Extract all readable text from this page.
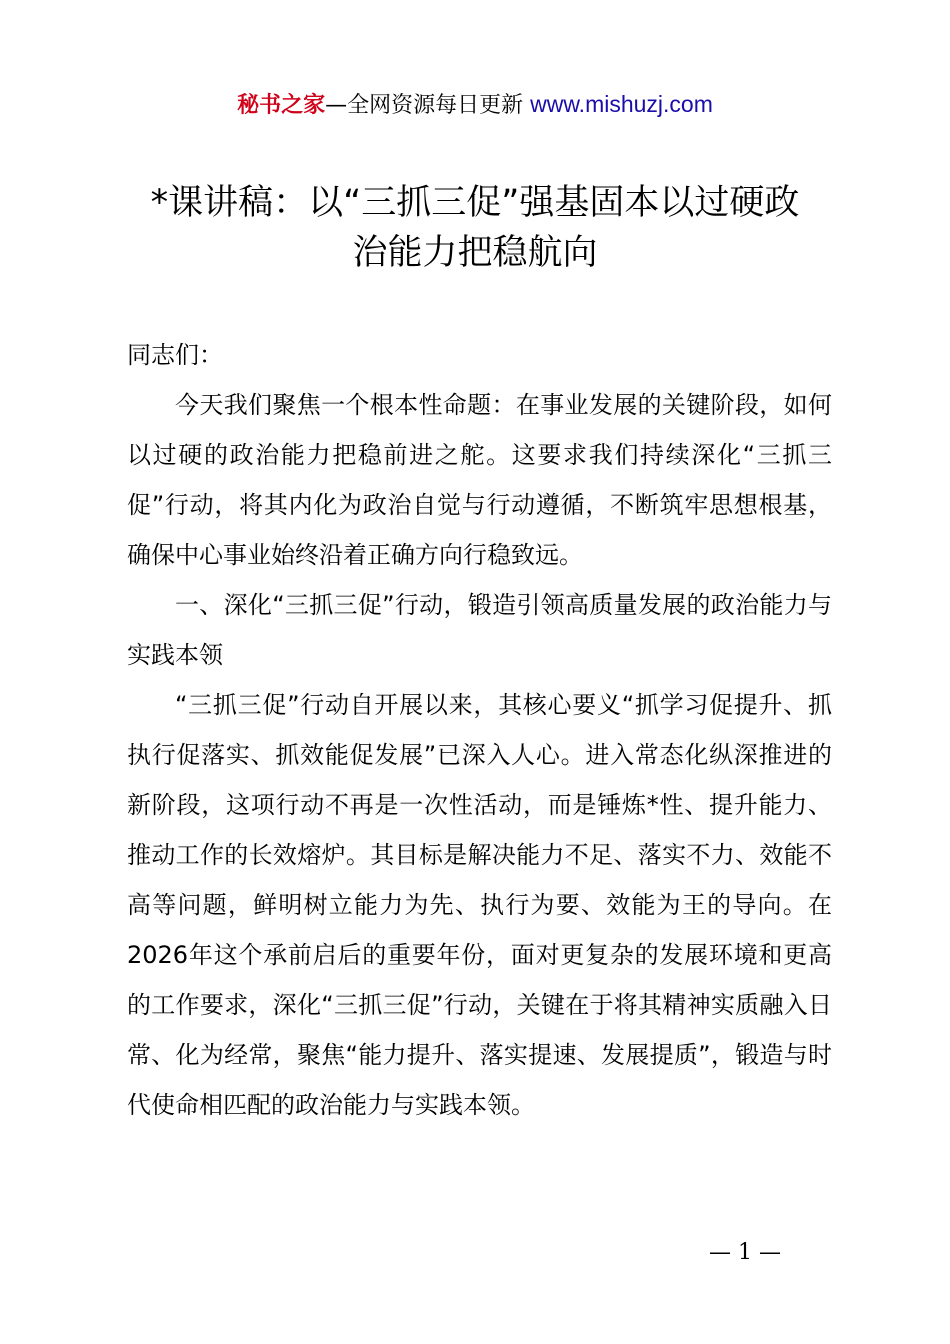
秘书之家—全网资源每日更新 www.mishuzj.com
*课讲稿：以“三抓三促”强基固本以过硬政
治能力把稳航向

同志们：

今天我们聚焦一个根本性命题：在事业发展的关键阶段，如何以过硬的政治能力把稳前进之舵。这要求我们持续深化“三抓三促”行动，将其内化为政治自觉与行动遵循，不断筑牢思想根基，确保中心事业始终沿着正确方向行稳致远。

一、深化“三抓三促”行动，锻造引领高质量发展的政治能力与实践本领

“三抓三促”行动自开展以来，其核心要义“抓学习促提升、抓执行促落实、抓效能促发展”已深入人心。进入常态化纵深推进的新阶段，这项行动不再是一次性活动，而是锤炼*性、提升能力、推动工作的长效熔炉。其目标是解决能力不足、落实不力、效能不高等问题，鲜明树立能力为先、执行为要、效能为王的导向。在2026年这个承前启后的重要年份，面对更复杂的发展环境和更高的工作要求，深化“三抓三促”行动，关键在于将其精神实质融入日常、化为经常，聚焦“能力提升、落实提速、发展提质”，锻造与时代使命相匹配的政治能力与实践本领。

— 1 —
